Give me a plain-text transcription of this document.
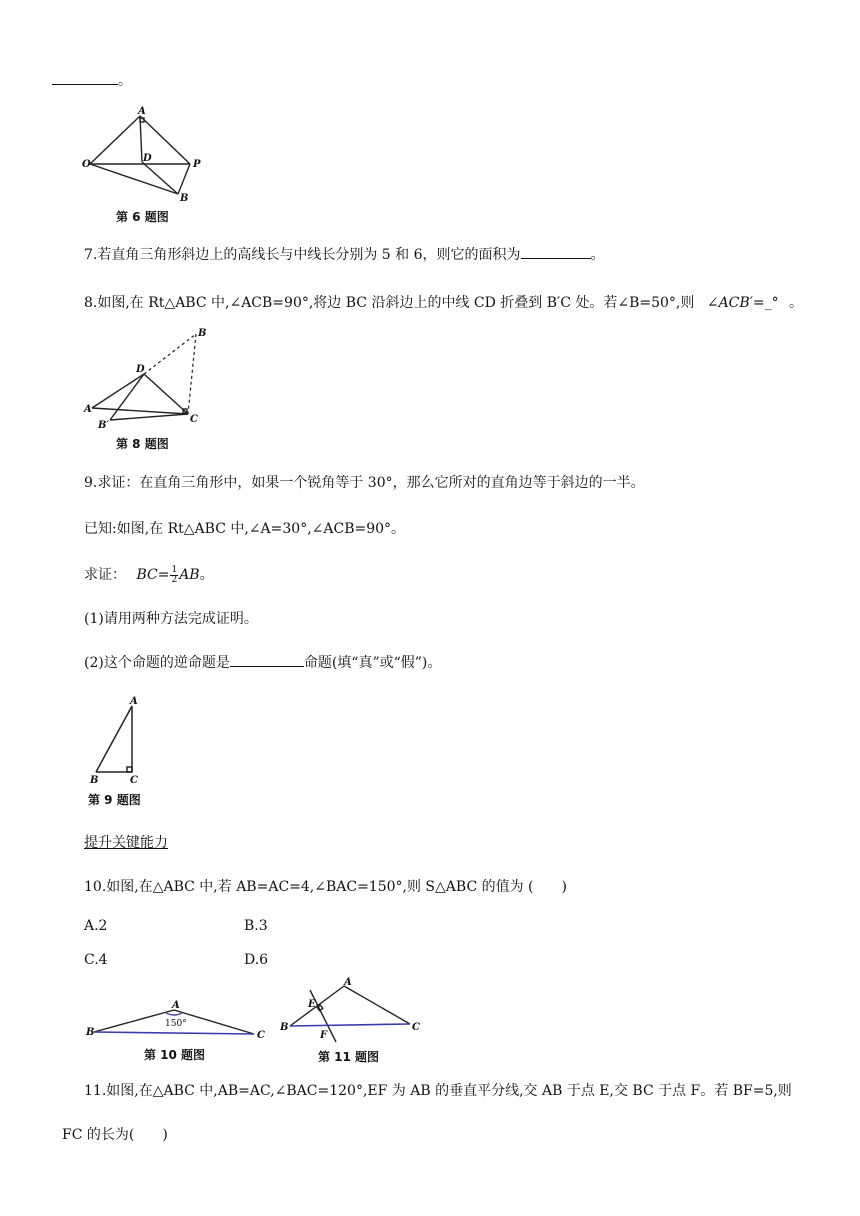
。
A
O
D
P
B
第 6 题图
7.若直角三角形斜边上的高线长与中线长分别为 5 和 6，则它的面积为	。
8.如图,在 Rt△ABC 中,∠ACB=90°,将边 BC 沿斜边上的中线 CD 折叠到 B′C 处。若∠B=50°,则 ∠ACB′=_° 。
B
D
A
C
B′
第 8 题图
9.求证：在直角三角形中，如果一个锐角等于 30°，那么它所对的直角边等于斜边的一半。
已知:如图,在 Rt△ABC 中,∠A=30°,∠ACB=90°。
求证： $BC= \frac{1}{2}$ AB。
(1)请用两种方法完成证明。
(2)这个命题的逆命题是	命题(填“真”或“假”)。
A
B	C
第 9 题图
提升关键能力
10.如图,在△ABC 中,若 AB=AC=4,∠BAC=150°,则 S△ABC 的值为 (　　)
A.2	B.3
C.4	D.6
A
B	C
150°
第 10 题图
A
E
B
F
C
第 11 题图
11.如图,在△ABC 中,AB=AC,∠BAC=120°,EF 为 AB 的垂直平分线,交 AB 于点 E,交 BC 于点 F。若 BF=5,则
FC 的长为(　　)
